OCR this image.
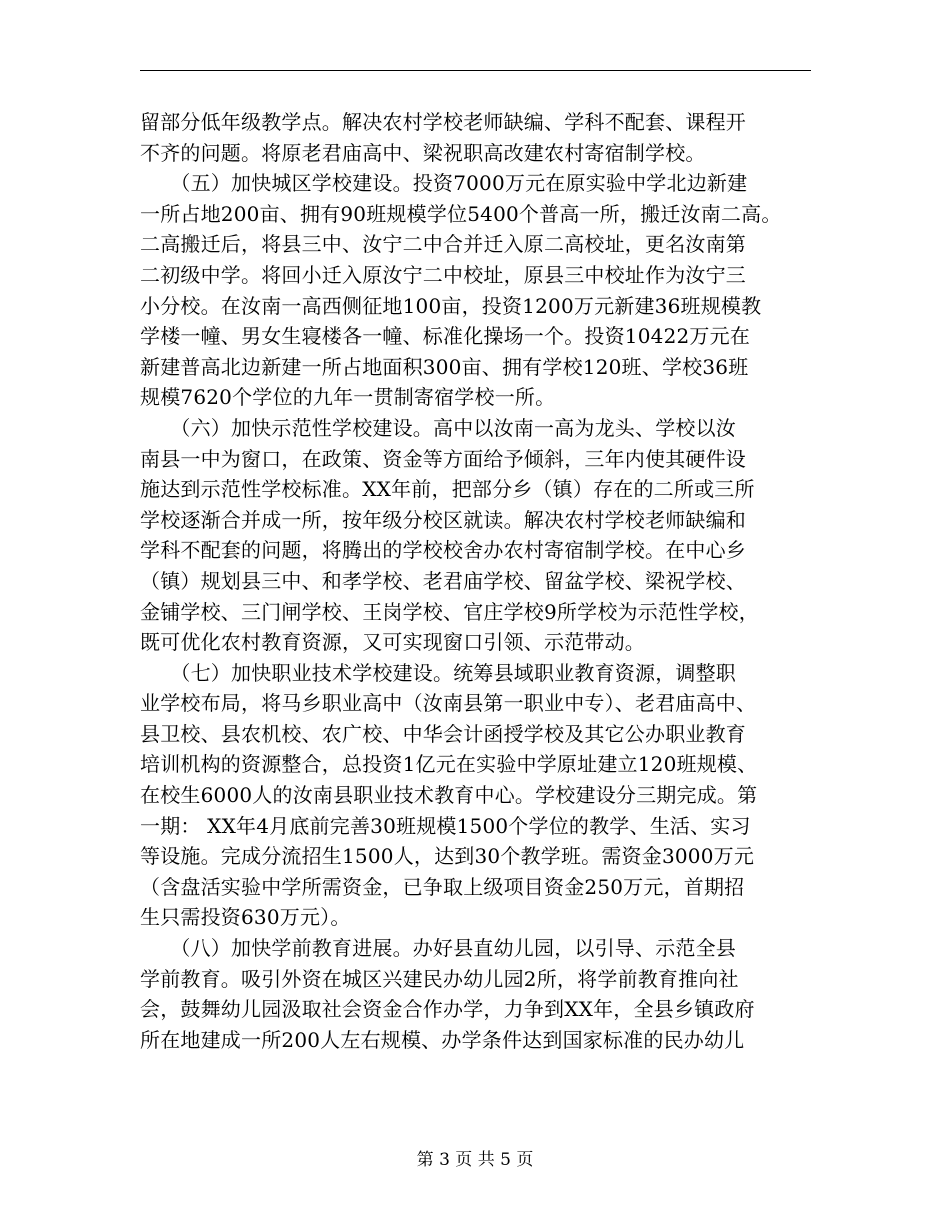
留部分低年级教学点。解决农村学校老师缺编、学科不配套、课程开
不齐的问题。将原老君庙高中、梁祝职高改建农村寄宿制学校。
　　（五）加快城区学校建设。投资7000万元在原实验中学北边新建
一所占地200亩、拥有90班规模学位5400个普高一所，搬迁汝南二高。
二高搬迁后，将县三中、汝宁二中合并迁入原二高校址，更名汝南第
二初级中学。将回小迁入原汝宁二中校址，原县三中校址作为汝宁三
小分校。在汝南一高西侧征地100亩，投资1200万元新建36班规模教
学楼一幢、男女生寝楼各一幢、标准化操场一个。投资10422万元在
新建普高北边新建一所占地面积300亩、拥有学校120班、学校36班
规模7620个学位的九年一贯制寄宿学校一所。
　　（六）加快示范性学校建设。高中以汝南一高为龙头、学校以汝
南县一中为窗口，在政策、资金等方面给予倾斜，三年内使其硬件设
施达到示范性学校标准。XX年前，把部分乡（镇）存在的二所或三所
学校逐渐合并成一所，按年级分校区就读。解决农村学校老师缺编和
学科不配套的问题，将腾出的学校校舍办农村寄宿制学校。在中心乡
（镇）规划县三中、和孝学校、老君庙学校、留盆学校、梁祝学校、
金铺学校、三门闸学校、王岗学校、官庄学校9所学校为示范性学校，
既可优化农村教育资源，又可实现窗口引领、示范带动。
　　（七）加快职业技术学校建设。统筹县域职业教育资源，调整职
业学校布局，将马乡职业高中（汝南县第一职业中专）、老君庙高中、
县卫校、县农机校、农广校、中华会计函授学校及其它公办职业教育
培训机构的资源整合，总投资1亿元在实验中学原址建立120班规模、
在校生6000人的汝南县职业技术教育中心。学校建设分三期完成。第
一期： XX年4月底前完善30班规模1500个学位的教学、生活、实习
等设施。完成分流招生1500人，达到30个教学班。需资金3000万元
（含盘活实验中学所需资金，已争取上级项目资金250万元，首期招
生只需投资630万元）。
　　（八）加快学前教育进展。办好县直幼儿园，以引导、示范全县
学前教育。吸引外资在城区兴建民办幼儿园2所，将学前教育推向社
会，鼓舞幼儿园汲取社会资金合作办学，力争到XX年，全县乡镇政府
所在地建成一所200人左右规模、办学条件达到国家标准的民办幼儿
第 3 页 共 5 页
